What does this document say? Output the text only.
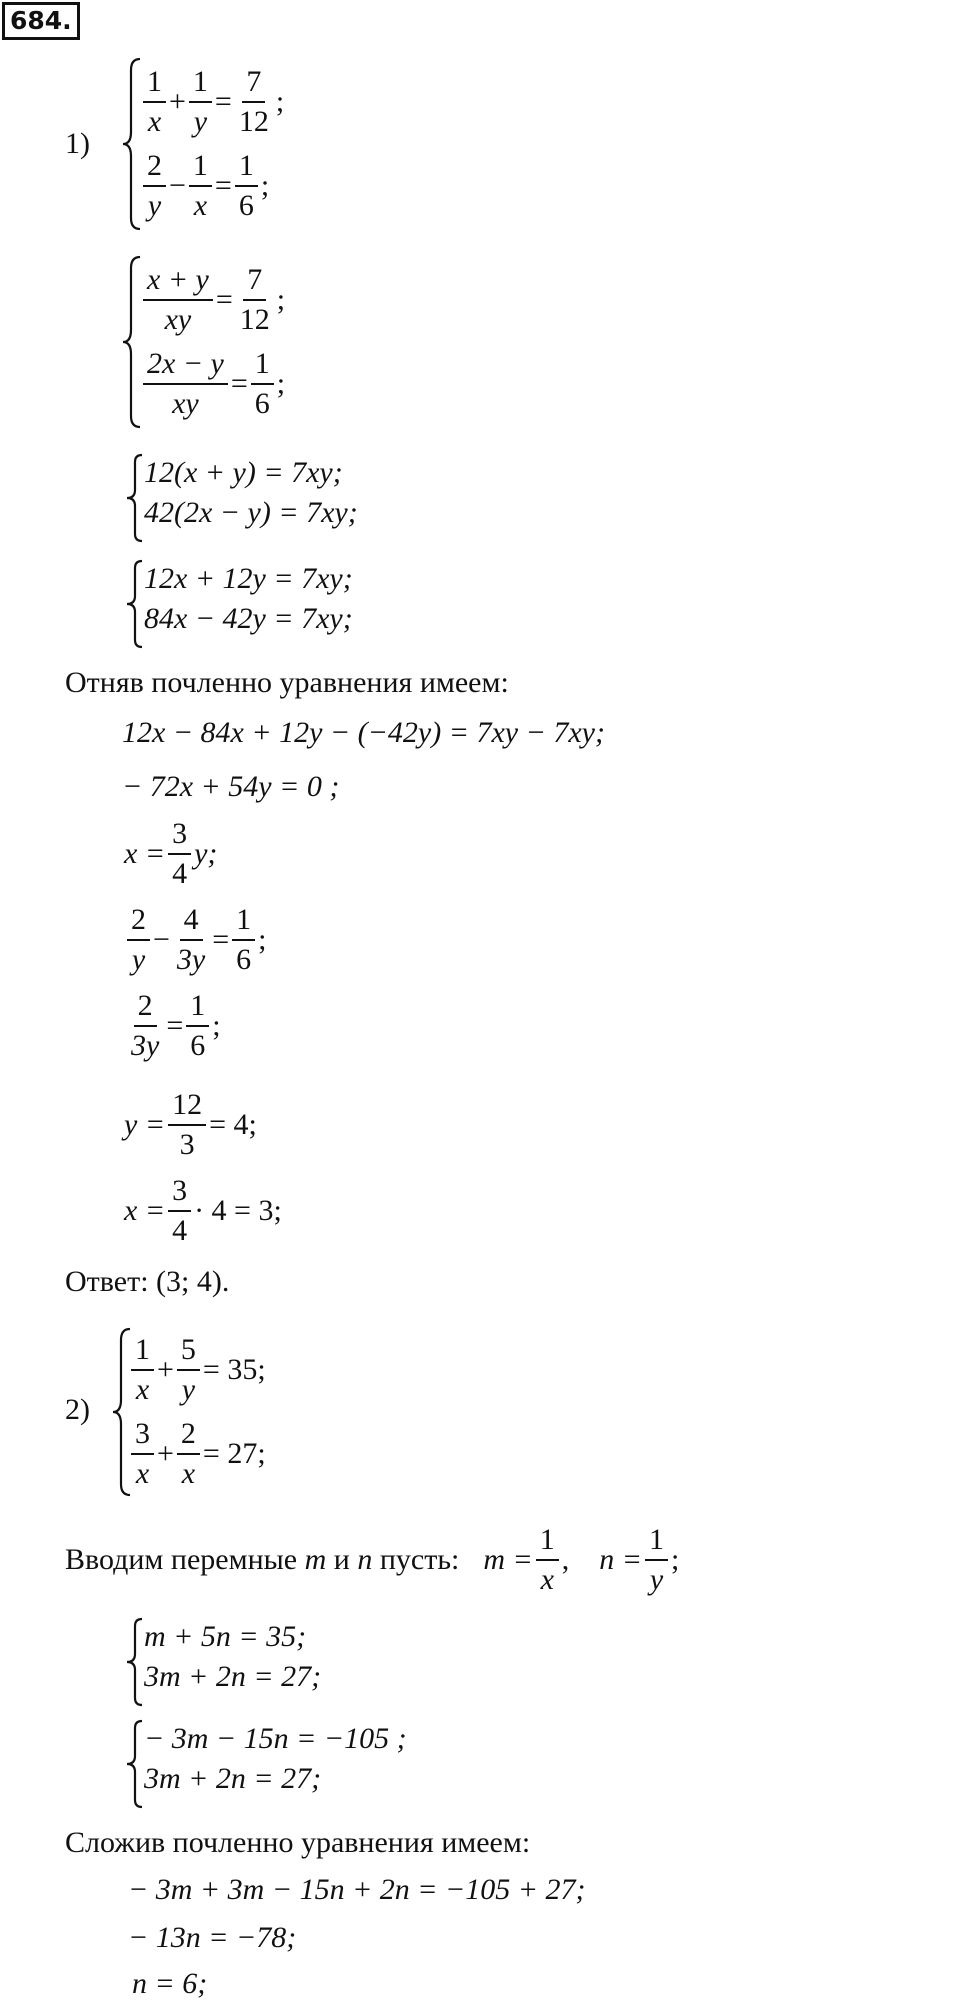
684.
1)
$\frac{1}{x} + \frac{1}{y} = \frac{7}{12}$ ;
$\frac{2}{y} - \frac{1}{x} = \frac{1}{6}$ ;
$\frac{x + y}{xy} = \frac{7}{12}$ ;
$\frac{2x - y}{xy} = \frac{1}{6}$ ;
12(x + y) = 7xy;
42(2x − y) = 7xy;
12x + 12y = 7xy;
84x − 42y = 7xy;
Отняв почленно уравнения имеем:
12x − 84x + 12y − (−42y) = 7xy − 7xy;
− 72x + 54y = 0 ;
$x = \frac{3}{4} y$;
$\frac{2}{y} - \frac{4}{3y} = \frac{1}{6}$ ;
$\frac{2}{3y} = \frac{1}{6}$ ;
$y = \frac{12}{3} = 4$;
$x = \frac{3}{4} \cdot 4 = 3$;
Ответ: (3; 4).
2)
$\frac{1}{x} + \frac{5}{y} = 35$;
$\frac{3}{x} + \frac{2}{x} = 27$;
Вводим перемные
m
и
n
пусть: $m = \frac{1}{x}$ , $n = \frac{1}{y}$ ;
m + 5n = 35;
3m + 2n = 27;
− 3m − 15n = −105 ;
3m + 2n = 27;
Сложив почленно уравнения имеем:
− 3m + 3m − 15n + 2n = −105 + 27;
− 13n = −78;
n = 6;
